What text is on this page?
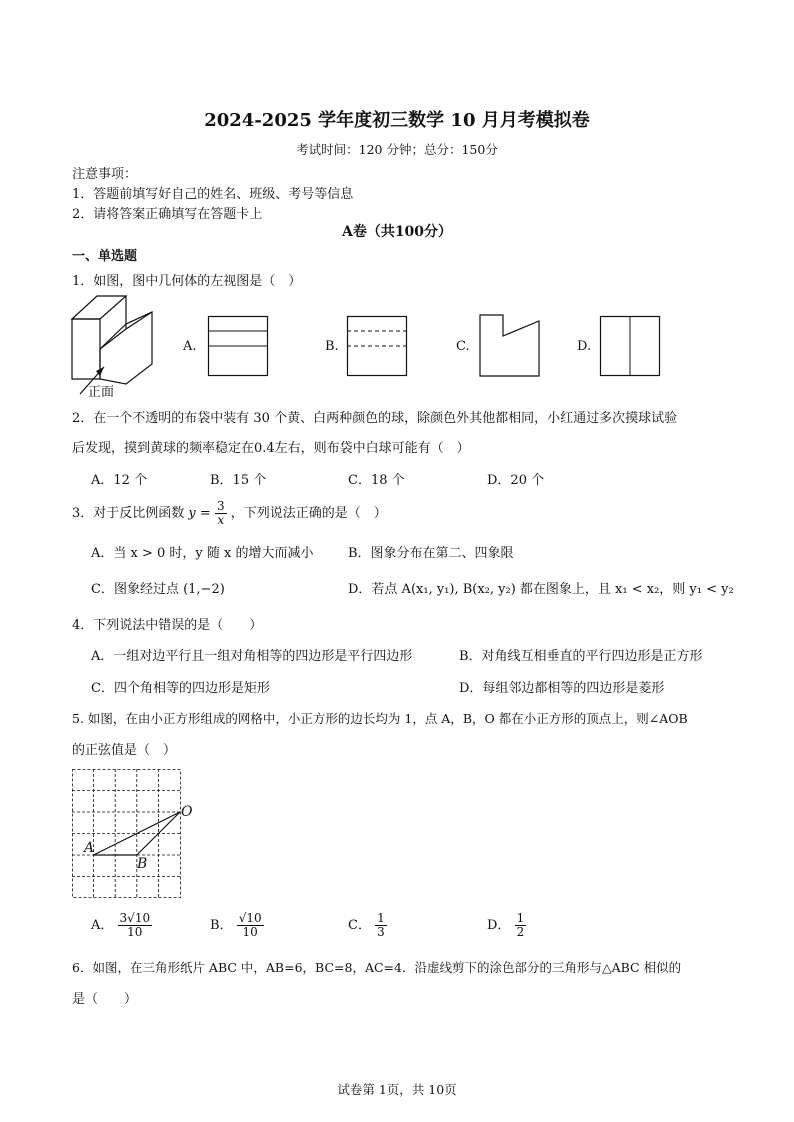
2024-2025 学年度初三数学 10 月月考模拟卷
考试时间：120 分钟；总分：150分
注意事项：
1．答题前填写好自己的姓名、班级、考号等信息
2．请将答案正确填写在答题卡上
A卷（共100分）
一、单选题
1．如图，图中几何体的左视图是（　）
正面
A.	B.	C.	D.
2．在一个不透明的布袋中装有 30 个黄、白两种颜色的球，除颜色外其他都相同，小红通过多次摸球试验
后发现，摸到黄球的频率稳定在0.4左右，则布袋中白球可能有（　）
A．12 个	B．15 个	C．18 个	D．20 个
3．对于反比例函数 $y = \frac{3}{x}$ ，下列说法正确的是（　）
A．当 x > 0 时，y 随 x 的增大而减小	B．图象分布在第二、四象限
C．图象经过点 (1,−2)	D．若点 A(x₁, y₁), B(x₂, y₂) 都在图象上，且 x₁ < x₂，则 y₁ < y₂
4．下列说法中错误的是（　　）
A．一组对边平行且一组对角相等的四边形是平行四边形	B．对角线互相垂直的平行四边形是正方形
C．四个角相等的四边形是矩形	D．每组邻边都相等的四边形是菱形
5. 如图，在由小正方形组成的网格中，小正方形的边长均为 1，点 A，B，O 都在小正方形的顶点上，则∠AOB
的正弦值是（　）
A
B
O
A． $\frac{3√10}{10}$	B． $\frac{√10}{10}$	C． $\frac{1}{3}$	D． $\frac{1}{2}$
6．如图，在三角形纸片 ABC 中，AB=6，BC=8，AC=4．沿虚线剪下的涂色部分的三角形与△ABC 相似的
是（　　）
试卷第 1页，共 10页
